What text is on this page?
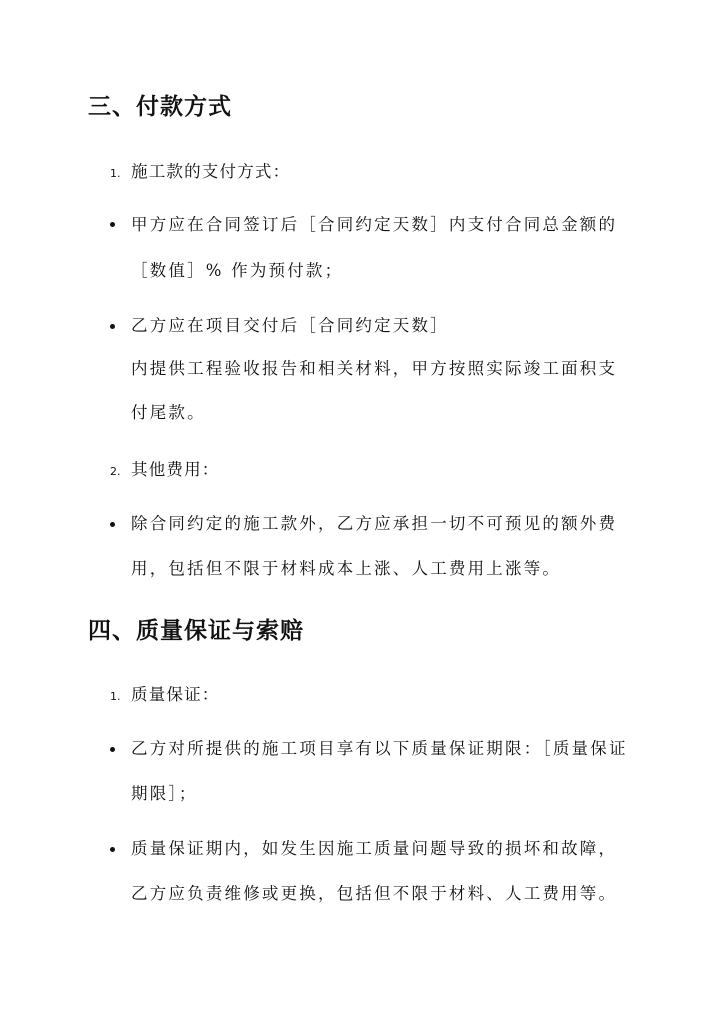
三、付款方式
1. 施工款的支付方式：
甲方应在合同签订后［合同约定天数］内支付合同总金额的
［数值］% 作为预付款；
乙方应在项目交付后［合同约定天数］
内提供工程验收报告和相关材料，甲方按照实际竣工面积支
付尾款。
2. 其他费用：
除合同约定的施工款外，乙方应承担一切不可预见的额外费
用，包括但不限于材料成本上涨、人工费用上涨等。
四、质量保证与索赔
1. 质量保证：
乙方对所提供的施工项目享有以下质量保证期限：［质量保证
期限］；
质量保证期内，如发生因施工质量问题导致的损坏和故障，
乙方应负责维修或更换，包括但不限于材料、人工费用等。
